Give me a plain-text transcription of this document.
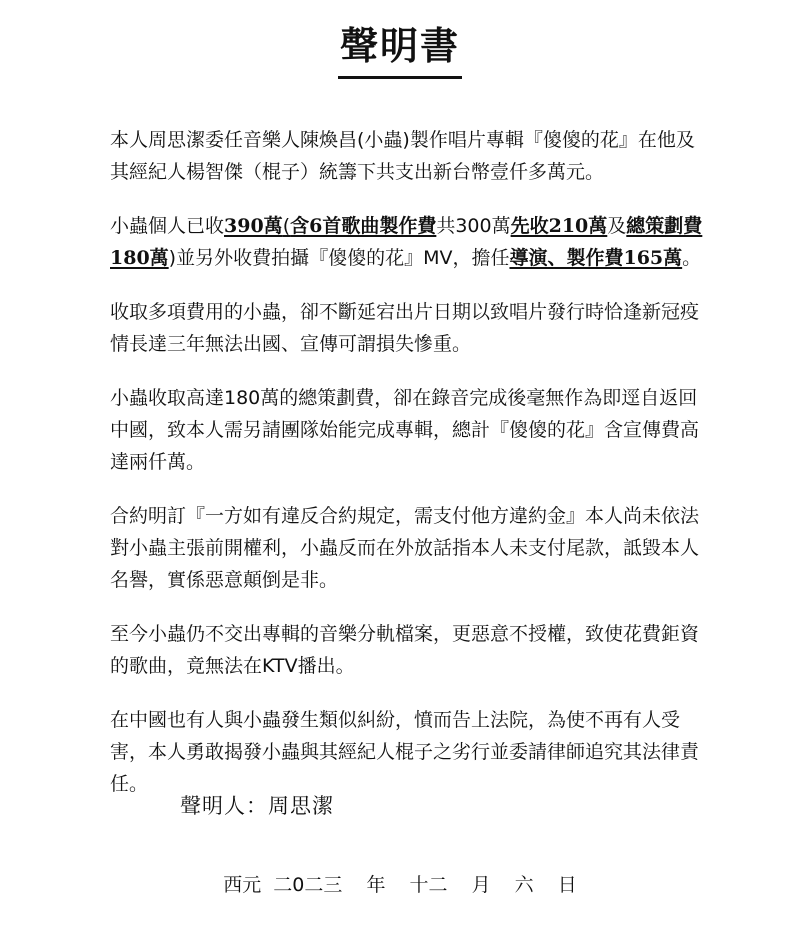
聲明書

本人周思潔委任音樂人陳煥昌(小蟲)製作唱片專輯『傻傻的花』在他及其經紀人楊智傑（棍子）統籌下共支出新台幣壹仟多萬元。

小蟲個人已收390萬(含6首歌曲製作費共300萬先收210萬及總策劃費180萬)並另外收費拍攝『傻傻的花』MV，擔任導演、製作費165萬。

收取多項費用的小蟲，卻不斷延宕出片日期以致唱片發行時恰逢新冠疫情長達三年無法出國、宣傳可謂損失慘重。

小蟲收取高達180萬的總策劃費，卻在錄音完成後毫無作為即逕自返回中國，致本人需另請團隊始能完成專輯，總計『傻傻的花』含宣傳費高達兩仟萬。

合約明訂『一方如有違反合約規定，需支付他方違約金』本人尚未依法對小蟲主張前開權利，小蟲反而在外放話指本人未支付尾款，詆毀本人名譽，實係惡意顛倒是非。

至今小蟲仍不交出專輯的音樂分軌檔案，更惡意不授權，致使花費鉅資的歌曲，竟無法在KTV播出。

在中國也有人與小蟲發生類似糾紛，憤而告上法院，為使不再有人受害，本人勇敢揭發小蟲與其經紀人棍子之劣行並委請律師追究其法律責任。

聲明人：周思潔
西元 二0二三  年  十二  月  六  日
